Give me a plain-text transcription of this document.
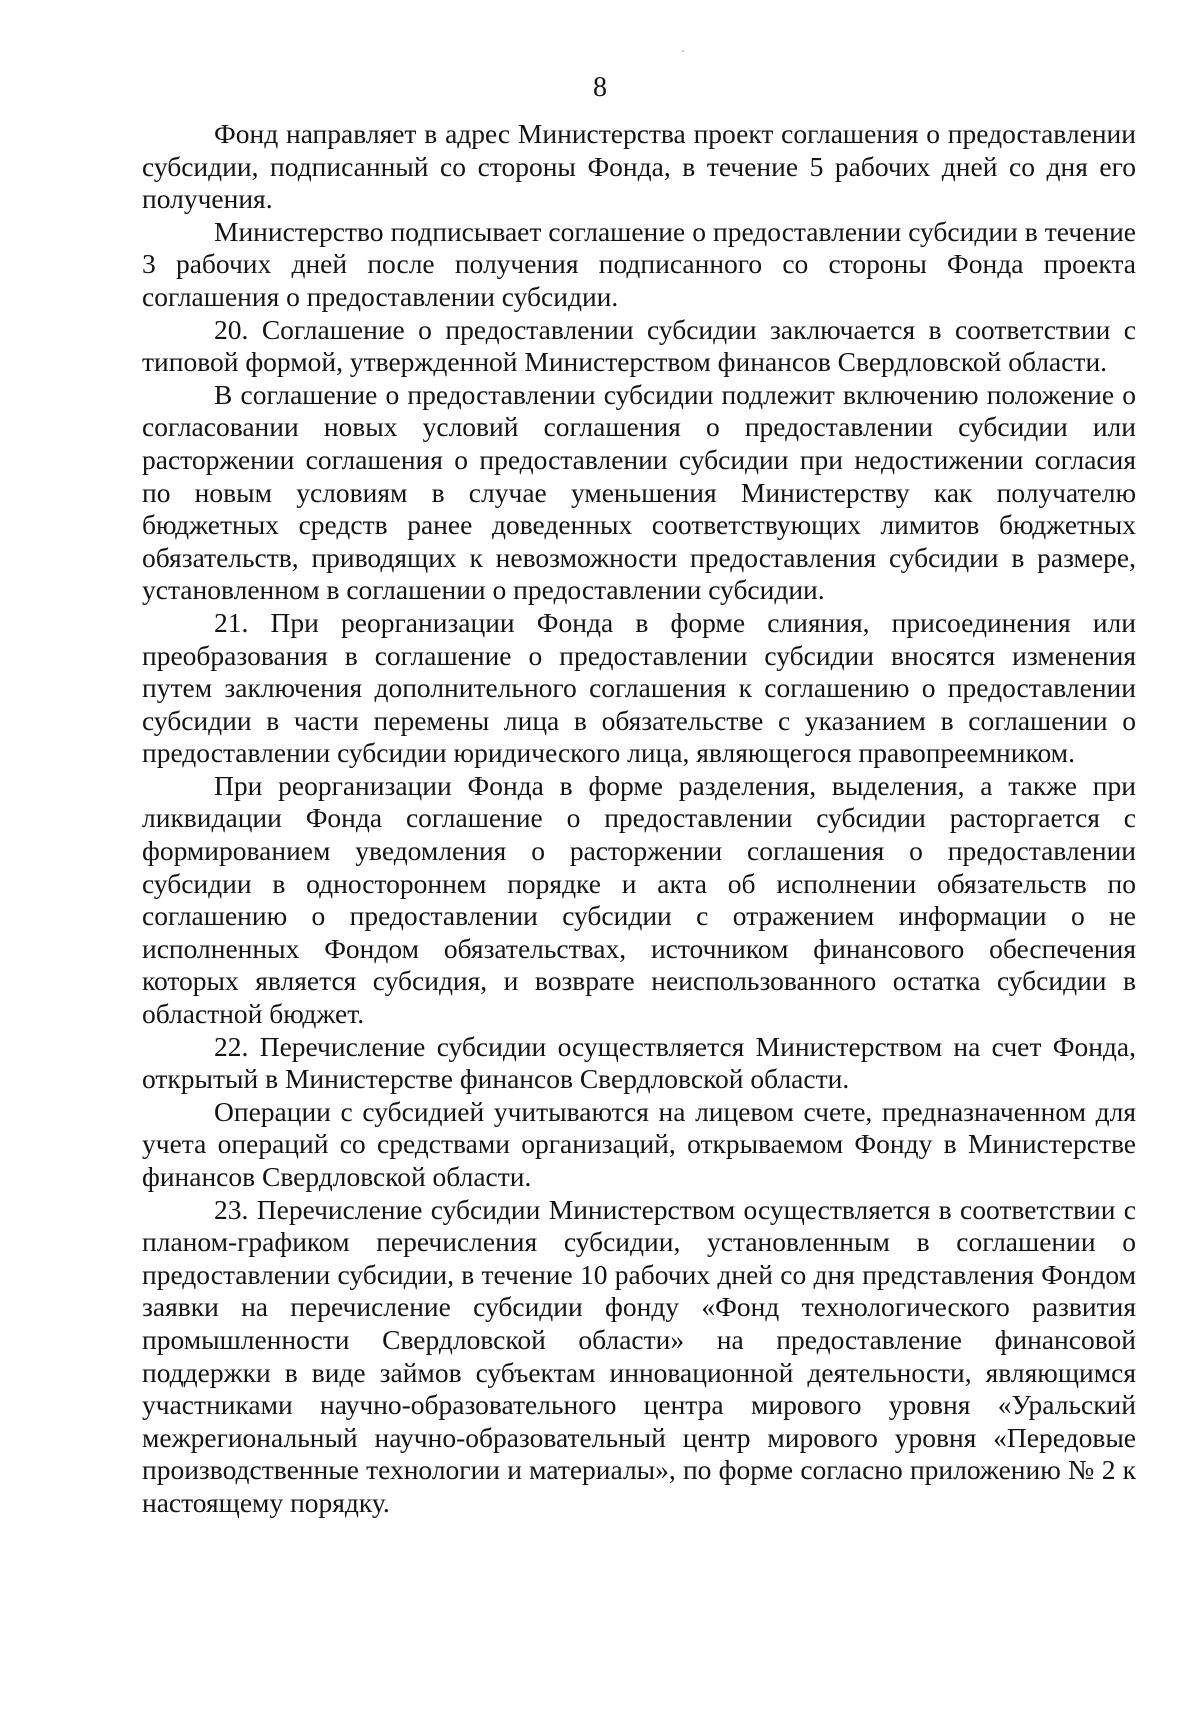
8

Фонд направляет в адрес Министерства проект соглашения о предоставлении субсидии, подписанный со стороны Фонда, в течение 5 рабочих дней со дня его получения.

Министерство подписывает соглашение о предоставлении субсидии в течение 3 рабочих дней после получения подписанного со стороны Фонда проекта соглашения о предоставлении субсидии.

20. Соглашение о предоставлении субсидии заключается в соответствии с типовой формой, утвержденной Министерством финансов Свердловской области.

В соглашение о предоставлении субсидии подлежит включению положение о согласовании новых условий соглашения о предоставлении субсидии или расторжении соглашения о предоставлении субсидии при недостижении согласия по новым условиям в случае уменьшения Министерству как получателю бюджетных средств ранее доведенных соответствующих лимитов бюджетных обязательств, приводящих к невозможности предоставления субсидии в размере, установленном в соглашении о предоставлении субсидии.

21. При реорганизации Фонда в форме слияния, присоединения или преобразования в соглашение о предоставлении субсидии вносятся изменения путем заключения дополнительного соглашения к соглашению о предоставлении субсидии в части перемены лица в обязательстве с указанием в соглашении о предоставлении субсидии юридического лица, являющегося правопреемником.

При реорганизации Фонда в форме разделения, выделения, а также при ликвидации Фонда соглашение о предоставлении субсидии расторгается с формированием уведомления о расторжении соглашения о предоставлении субсидии в одностороннем порядке и акта об исполнении обязательств по соглашению о предоставлении субсидии с отражением информации о не исполненных Фондом обязательствах, источником финансового обеспечения которых является субсидия, и возврате неиспользованного остатка субсидии в областной бюджет.

22. Перечисление субсидии осуществляется Министерством на счет Фонда, открытый в Министерстве финансов Свердловской области.

Операции с субсидией учитываются на лицевом счете, предназначенном для учета операций со средствами организаций, открываемом Фонду в Министерстве финансов Свердловской области.

23. Перечисление субсидии Министерством осуществляется в соответствии с планом-графиком перечисления субсидии, установленным в соглашении о предоставлении субсидии, в течение 10 рабочих дней со дня представления Фондом заявки на перечисление субсидии фонду «Фонд технологического развития промышленности Свердловской области» на предоставление финансовой поддержки в виде займов субъектам инновационной деятельности, являющимся участниками научно-образовательного центра мирового уровня «Уральский межрегиональный научно-образовательный центр мирового уровня «Передовые производственные технологии и материалы», по форме согласно приложению № 2 к настоящему порядку.
